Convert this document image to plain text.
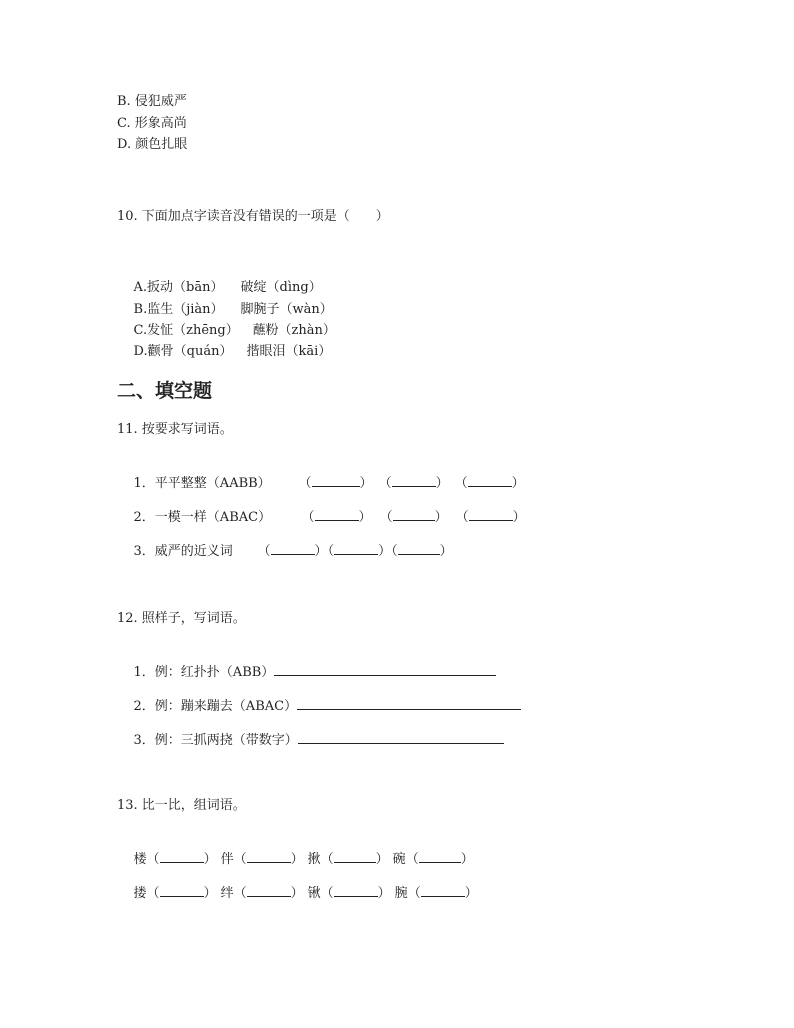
B. 侵犯威严
C. 形象高尚
D. 颜色扎眼
10. 下面加点字读音没有错误的一项是（　　）

A.扳动（bān） 破绽（dìng）

B.监生（jiàn） 脚腕子（wàn）

C.发怔（zhēng） 蘸粉（zhàn）

D.颧骨（quán） 揩眼泪（kāi）

二、填空题
11. 按要求写词语。

1．平平整整（AABB） （	） （	） （	）

2．一模一样（ABAC） （	） （	） （	）

3．威严的近义词 （	）（	）（	）

12. 照样子，写词语。

1．例：红扑扑（ABB）

2．例：蹦来蹦去（ABAC）

3．例：三抓两挠（带数字）

13. 比一比，组词语。

楼（	） 伴（	） 揪（	） 碗（	）

搂（	） 绊（	） 锹（	） 腕（	）
